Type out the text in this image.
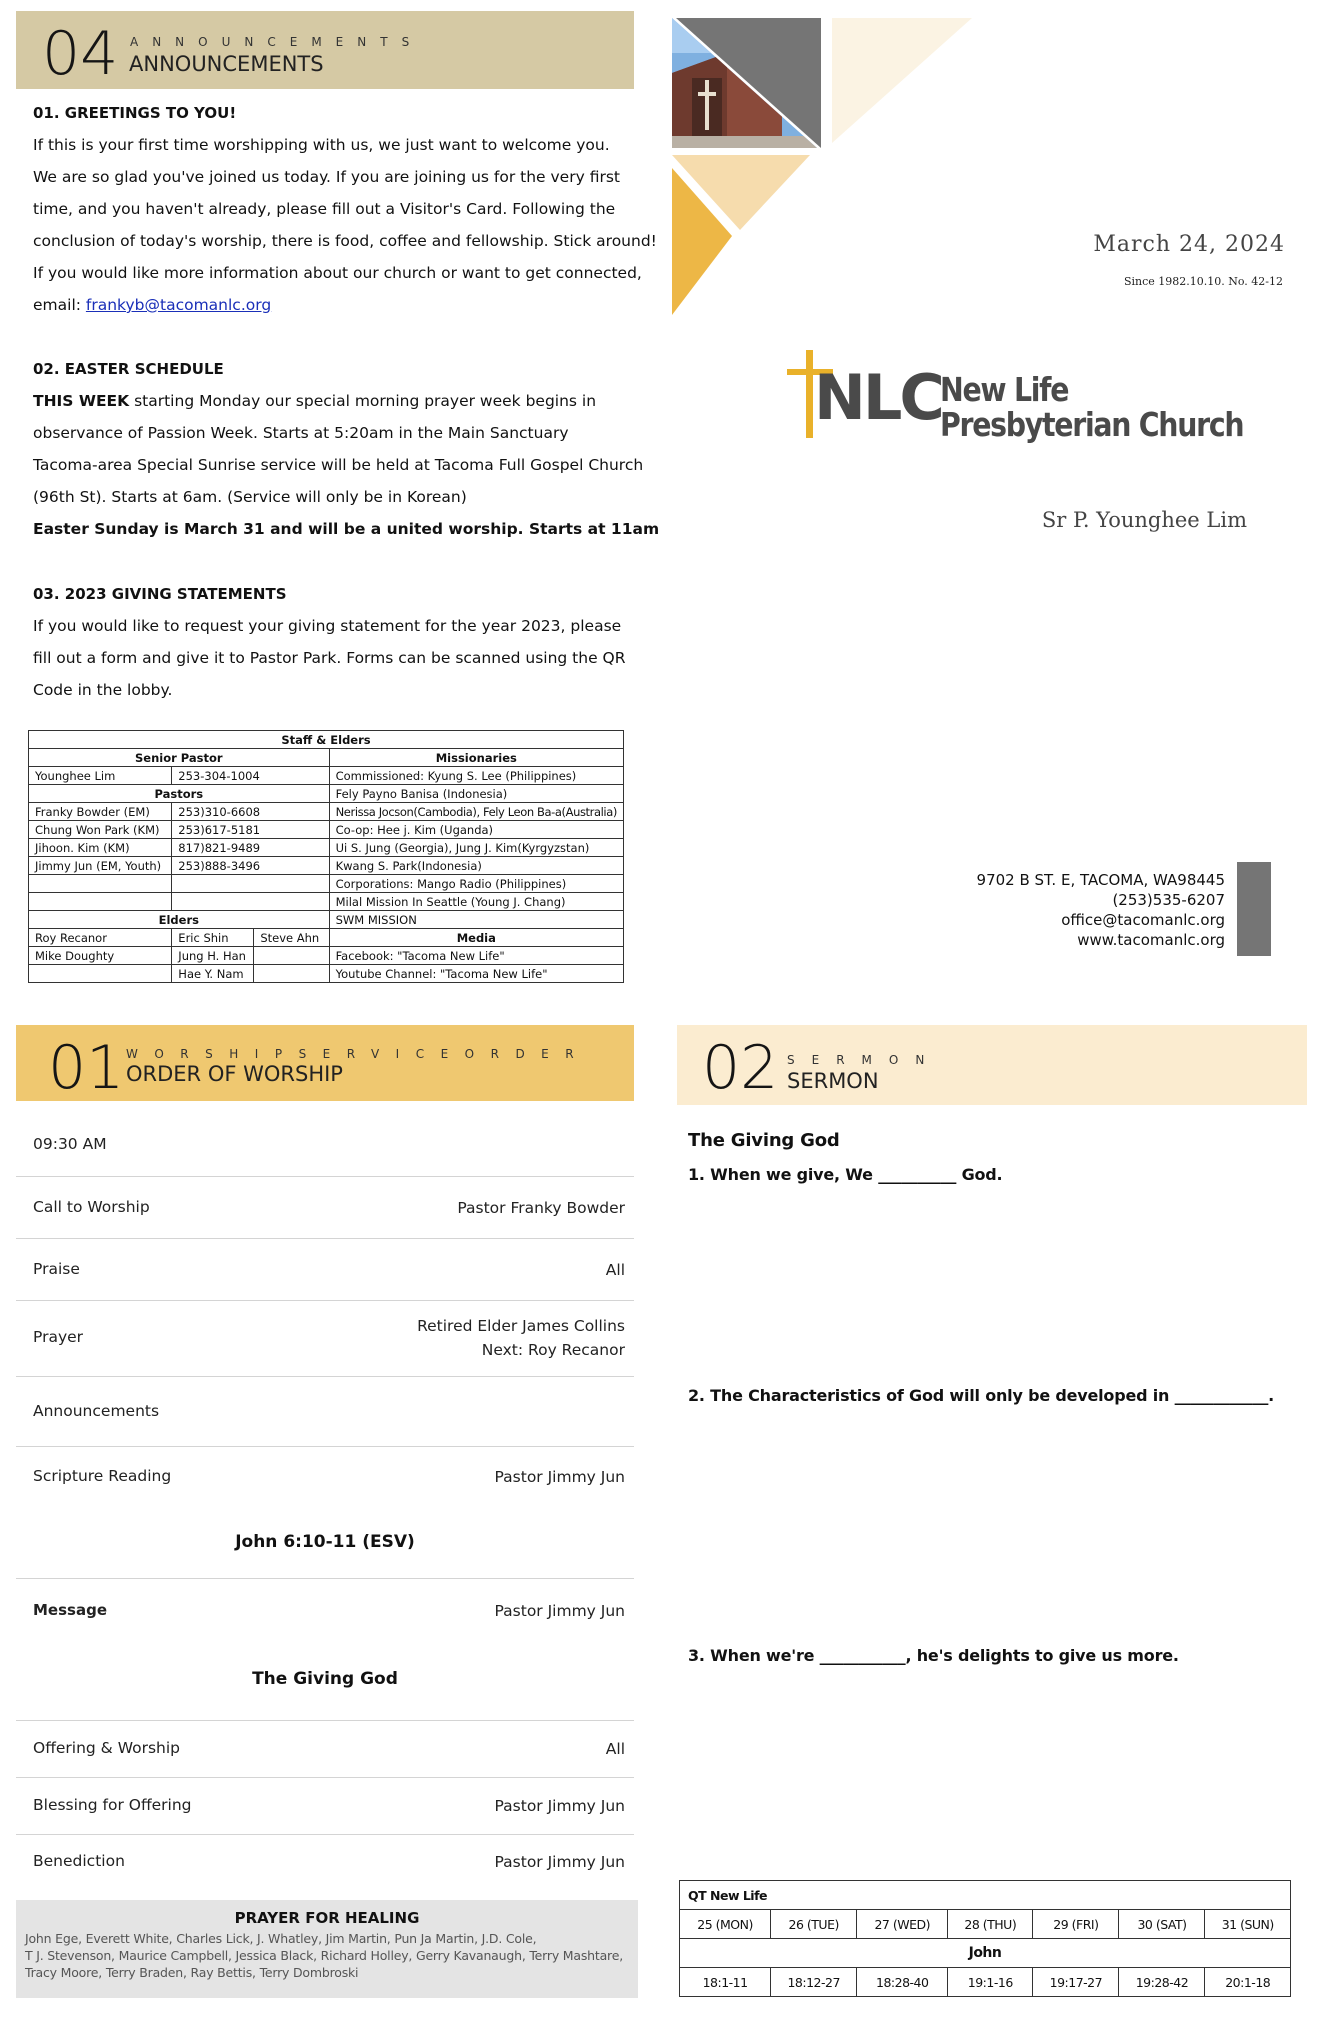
04 ANNOUNCEMENTS
ANNOUNCEMENTS
01. GREETINGS TO YOU!
If this is your first time worshipping with us, we just want to welcome you.
We are so glad you've joined us today. If you are joining us for the very first
time, and you haven't already, please fill out a Visitor's Card. Following the
conclusion of today's worship, there is food, coffee and fellowship. Stick around!
If you would like more information about our church or want to get connected,
email: frankyb@tacomanlc.org
02. EASTER SCHEDULE
THIS WEEK starting Monday our special morning prayer week begins in
observance of Passion Week. Starts at 5:20am in the Main Sanctuary
Tacoma-area Special Sunrise service will be held at Tacoma Full Gospel Church
(96th St). Starts at 6am. (Service will only be in Korean)
Easter Sunday is March 31 and will be a united worship. Starts at 11am
03. 2023 GIVING STATEMENTS
If you would like to request your giving statement for the year 2023, please
fill out a form and give it to Pastor Park. Forms can be scanned using the QR
Code in the lobby.
Staff & Elders			
Senior Pastor			Missionaries
Younghee Lim	253-304-1004		Commissioned: Kyung S. Lee (Philippines)
Pastors			Fely Payno Banisa (Indonesia)
Franky Bowder (EM)	253)310-6608		Nerissa Jocson(Cambodia), Fely Leon Ba-a(Australia)
Chung Won Park (KM)	253)617-5181		Co-op: Hee j. Kim (Uganda)
Jihoon. Kim (KM)	817)821-9489		Ui S. Jung (Georgia), Jung J. Kim(Kyrgyzstan)
Jimmy Jun (EM, Youth)	253)888-3496		Kwang S. Park(Indonesia)
			Corporations: Mango Radio (Philippines)
			Milal Mission In Seattle (Young J. Chang)
Elders			SWM MISSION
Roy Recanor	Eric Shin	Steve Ahn	Media
Mike Doughty	Jung H. Han		Facebook: "Tacoma New Life"
	Hae Y. Nam		Youtube Channel: "Tacoma New Life"
March 24, 2024
Since 1982.10.10. No. 42-12
NLC
New Life
Presbyterian Church
Sr P. Younghee Lim
9702 B ST. E, TACOMA, WA98445
(253)535-6207
office@tacomanlc.org
www.tacomanlc.org
01 WORSHIPSERVICEORDER
ORDER OF WORSHIP
09:30 AM
Call to Worship	Pastor Franky Bowder
Praise	All
Prayer
Retired Elder James Collins
Next: Roy Recanor
Announcements
Scripture Reading	Pastor Jimmy Jun
John 6:10-11 (ESV)
Message	Pastor Jimmy Jun
The Giving God
Offering & Worship	All
Blessing for Offering	Pastor Jimmy Jun
Benediction	Pastor Jimmy Jun
PRAYER FOR HEALING
John Ege, Everett White, Charles Lick, J. Whatley, Jim Martin, Pun Ja Martin, J.D. Cole,
T J. Stevenson, Maurice Campbell, Jessica Black, Richard Holley, Gerry Kavanaugh, Terry Mashtare,
Tracy Moore, Terry Braden, Ray Bettis, Terry Dombroski
02 SERMON
SERMON
The Giving God
1. When we give, We __________ God.
2. The Characteristics of God will only be developed in ____________.
3. When we're ___________, he's delights to give us more.
QT New Life						
25 (MON)	26 (TUE)	27 (WED)	28 (THU)	29 (FRI)	30 (SAT)	31 (SUN)
John						
18:1-11	18:12-27	18:28-40	19:1-16	19:17-27	19:28-42	20:1-18
